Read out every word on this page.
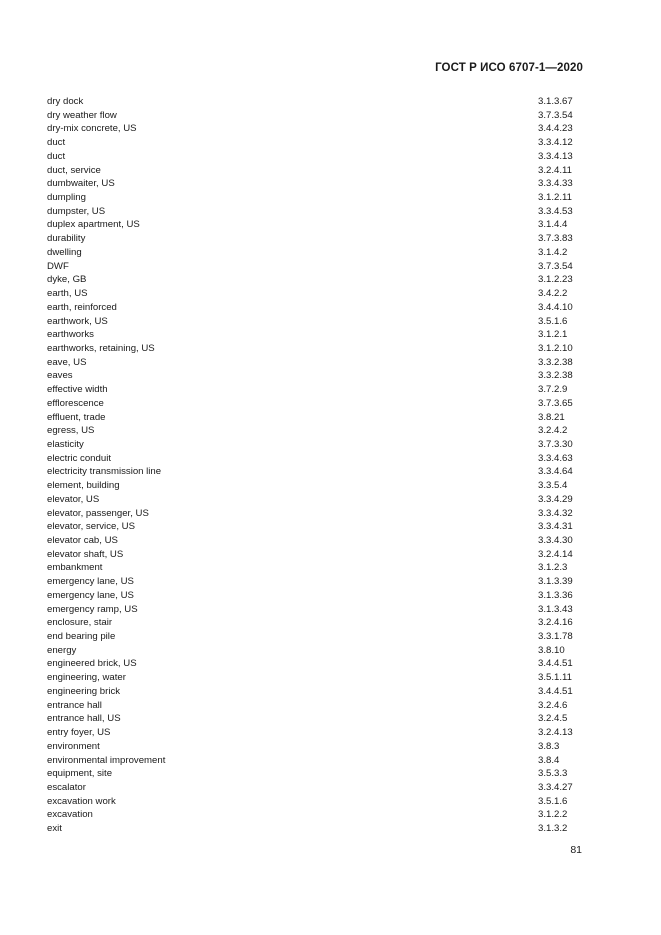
ГОСТ Р ИСО 6707-1—2020
dry dock	3.1.3.67
dry weather flow	3.7.3.54
dry-mix concrete, US	3.4.4.23
duct	3.3.4.12
duct	3.3.4.13
duct, service	3.2.4.11
dumbwaiter, US	3.3.4.33
dumpling	3.1.2.11
dumpster, US	3.3.4.53
duplex apartment, US	3.1.4.4
durability	3.7.3.83
dwelling	3.1.4.2
DWF	3.7.3.54
dyke, GB	3.1.2.23
earth, US	3.4.2.2
earth, reinforced	3.4.4.10
earthwork, US	3.5.1.6
earthworks	3.1.2.1
earthworks, retaining, US	3.1.2.10
eave, US	3.3.2.38
eaves	3.3.2.38
effective width	3.7.2.9
efflorescence	3.7.3.65
effluent, trade	3.8.21
egress, US	3.2.4.2
elasticity	3.7.3.30
electric conduit	3.3.4.63
electricity transmission line	3.3.4.64
element, building	3.3.5.4
elevator, US	3.3.4.29
elevator, passenger, US	3.3.4.32
elevator, service, US	3.3.4.31
elevator cab, US	3.3.4.30
elevator shaft, US	3.2.4.14
embankment	3.1.2.3
emergency lane, US	3.1.3.39
emergency lane, US	3.1.3.36
emergency ramp, US	3.1.3.43
enclosure, stair	3.2.4.16
end bearing pile	3.3.1.78
energy	3.8.10
engineered brick, US	3.4.4.51
engineering, water	3.5.1.11
engineering brick	3.4.4.51
entrance hall	3.2.4.6
entrance hall, US	3.2.4.5
entry foyer, US	3.2.4.13
environment	3.8.3
environmental improvement	3.8.4
equipment, site	3.5.3.3
escalator	3.3.4.27
excavation work	3.5.1.6
excavation	3.1.2.2
exit	3.1.3.2
81
